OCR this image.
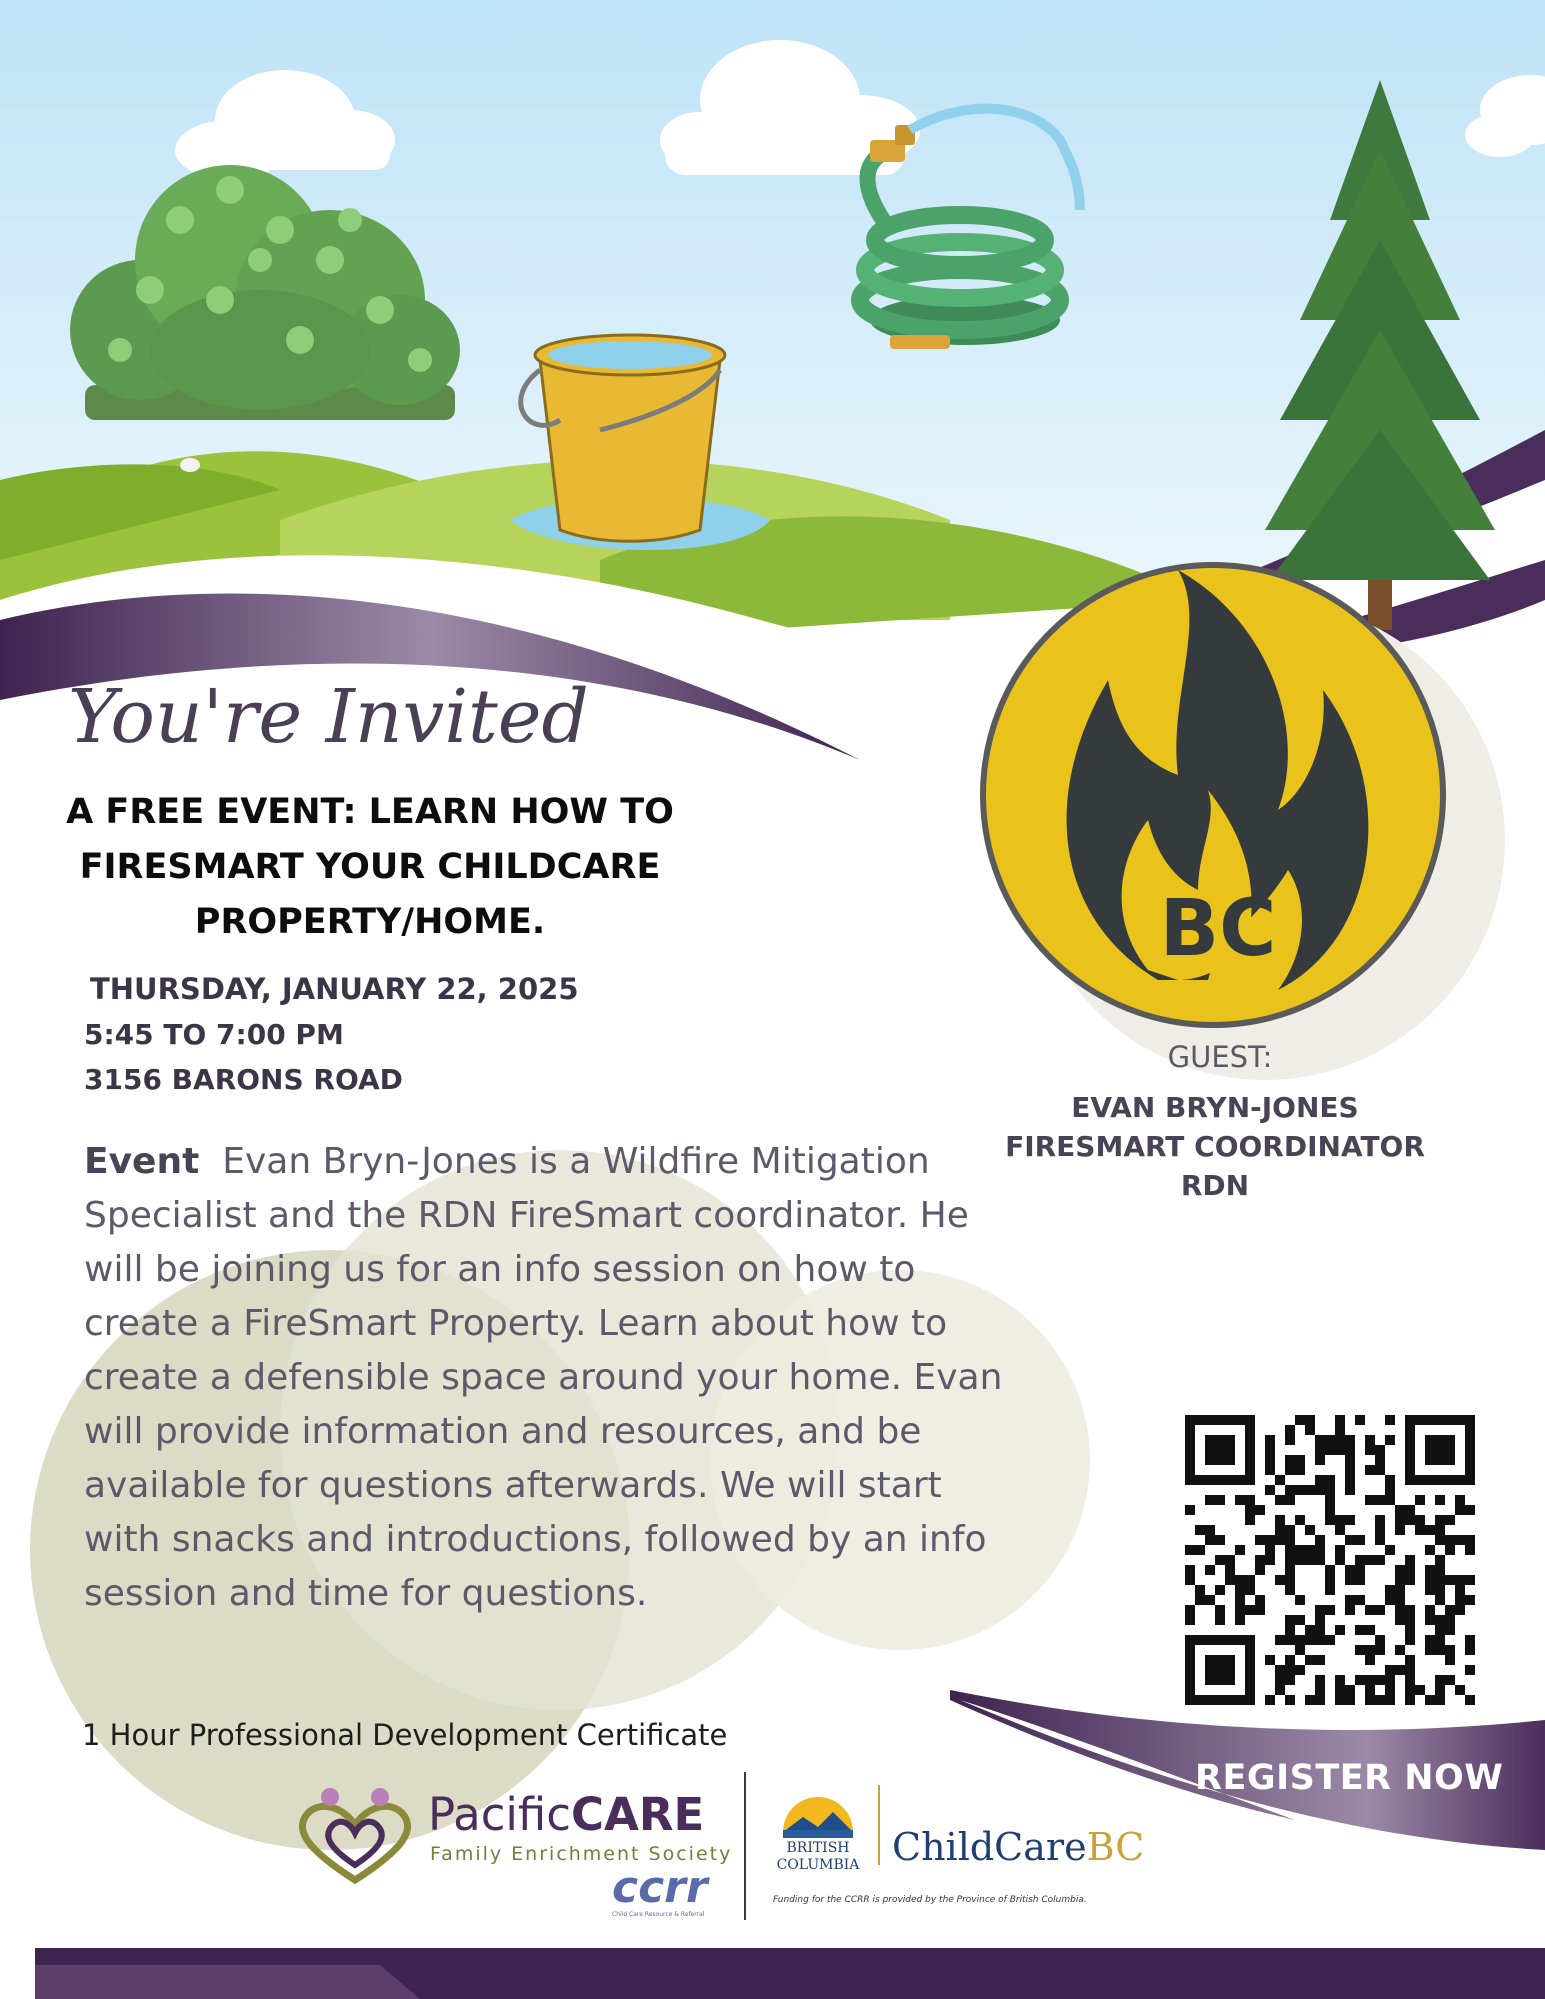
BC
You're Invited
A FREE EVENT: LEARN HOW TO
FIRESMART YOUR CHILDCARE
PROPERTY/HOME.
THURSDAY, JANUARY 22, 2025
5:45 TO 7:00 PM
3156 BARONS ROAD
Event Evan Bryn-Jones is a Wildfire Mitigation Specialist and the RDN FireSmart coordinator. He will be joining us for an info session on how to create a FireSmart Property. Learn about how to create a defensible space around your home. Evan will provide information and resources, and be available for questions afterwards. We will start with snacks and introductions, followed by an info session and time for questions.
1 Hour Professional Development Certificate
GUEST:
EVAN BRYN-JONES
FIRESMART COORDINATOR
RDN
REGISTER NOW
PacificCARE
Family Enrichment Society
ccrr
Child Care Resource & Referral
BRITISH
COLUMBIA ChildCareBC
Funding for the CCRR is provided by the Province of British Columbia.
